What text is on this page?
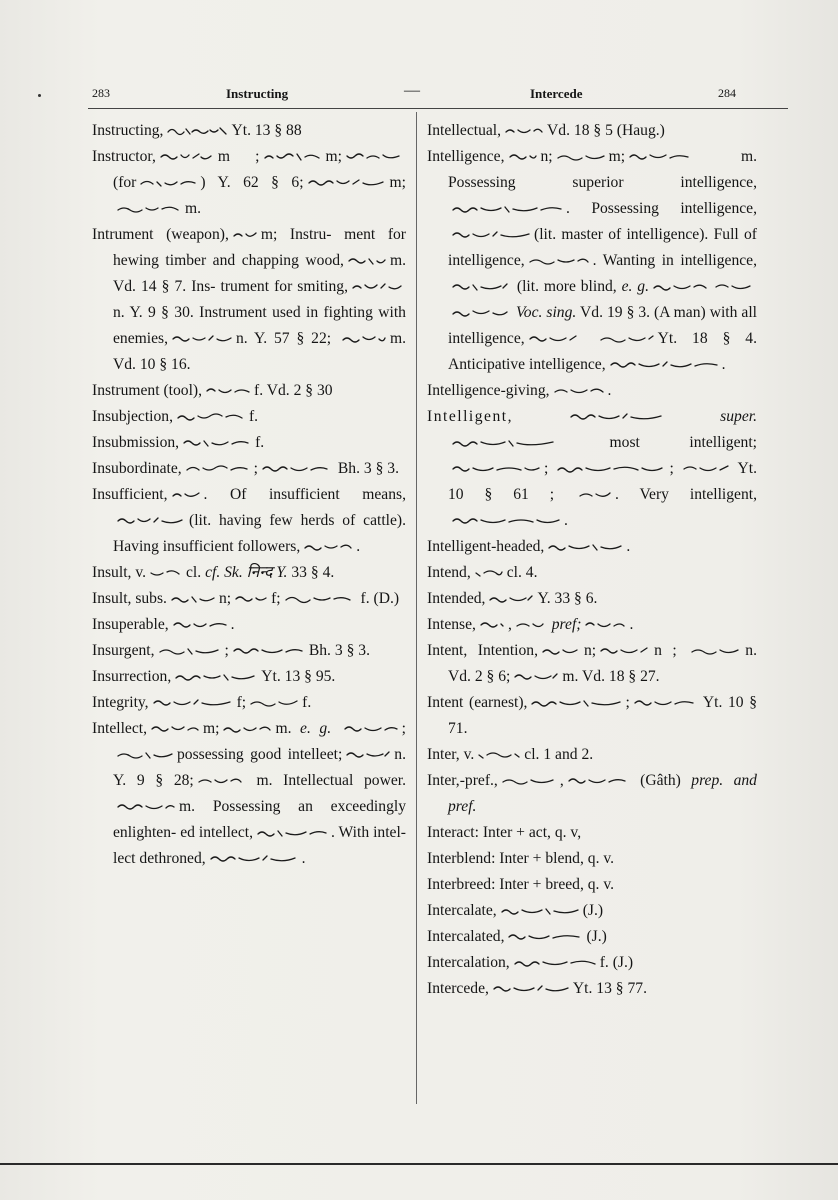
283	Instructing	—	Intercede	284

Instructing,	Yt. 13 § 88

Instructor,	m ;	m;(for	) Y. 62 § 6;	m;m.

Intrument (weapon), m; Instru- ment for hewing timber and chapping wood,	m. Vd. 14 § 7. Ins- trument for smiting,n. Y. 9 § 30. Instrument used in fighting with enemies,	n. Y. 57 § 22;	m. Vd. 10 § 16.

Instrument (tool),	f. Vd. 2 § 30

Insubjection,	f.

Insubmission,	f.

Insubordinate,	;	Bh. 3 § 3.

Insufficient, . Of insufficient means,(lit. having few herds of cattle). Having insufficient followers,	.

Insult, v.	cl. cf. Sk. निन्द Y. 33 § 4.

Insult, subs.	n;	f;	f. (D.)

Insuperable,	.

Insurgent,	;	Bh. 3 § 3.

Insurrection,	Yt. 13 § 95.

Integrity,	f;	f.

Intellect,	m;	m. e. g.	;possessing good intelleet;	n. Y. 9 § 28;	m. Intellectual power.m. Possessing an exceedingly enlighten- ed intellect,	. With intel- lect dethroned,	.

Intellectual,	Vd. 18 § 5 (Haug.)

Intelligence, n;	m;	m. Possessing superior intelligence, . Possessing intelligence, (lit. master of intelligence). Full of intelligence,	. Wanting in intelligence, (lit. more blind, e. g.  Voc. sing. Vd. 19 § 3. (A man) with all intelligence,	Yt. 18 § 4. Anticipative intelligence,	.

Intelligence-giving,	.

Intelligent,	super.  most intelligent; ;	;	Yt. 10 § 61 ;	. Very intelligent, .

Intelligent-headed,	.

Intend, cl. 4.

Intended,	Y. 33 § 6.

Intense, ,	pref;	.

Intent, Intention,	n;	n ;	n. Vd. 2 § 6;	m. Vd. 18 § 27.

Intent (earnest),	;	Yt. 10 § 71.

Inter, v.	cl. 1 and 2.

Inter,-pref.,	,	(Gâth) prep. and pref.

Interact: Inter + act, q. v,

Interblend: Inter + blend, q. v.

Interbreed: Inter + breed, q. v.

Intercalate,	(J.)

Intercalated,	(J.)

Intercalation,	f. (J.)

Intercede,	Yt. 13 § 77.
